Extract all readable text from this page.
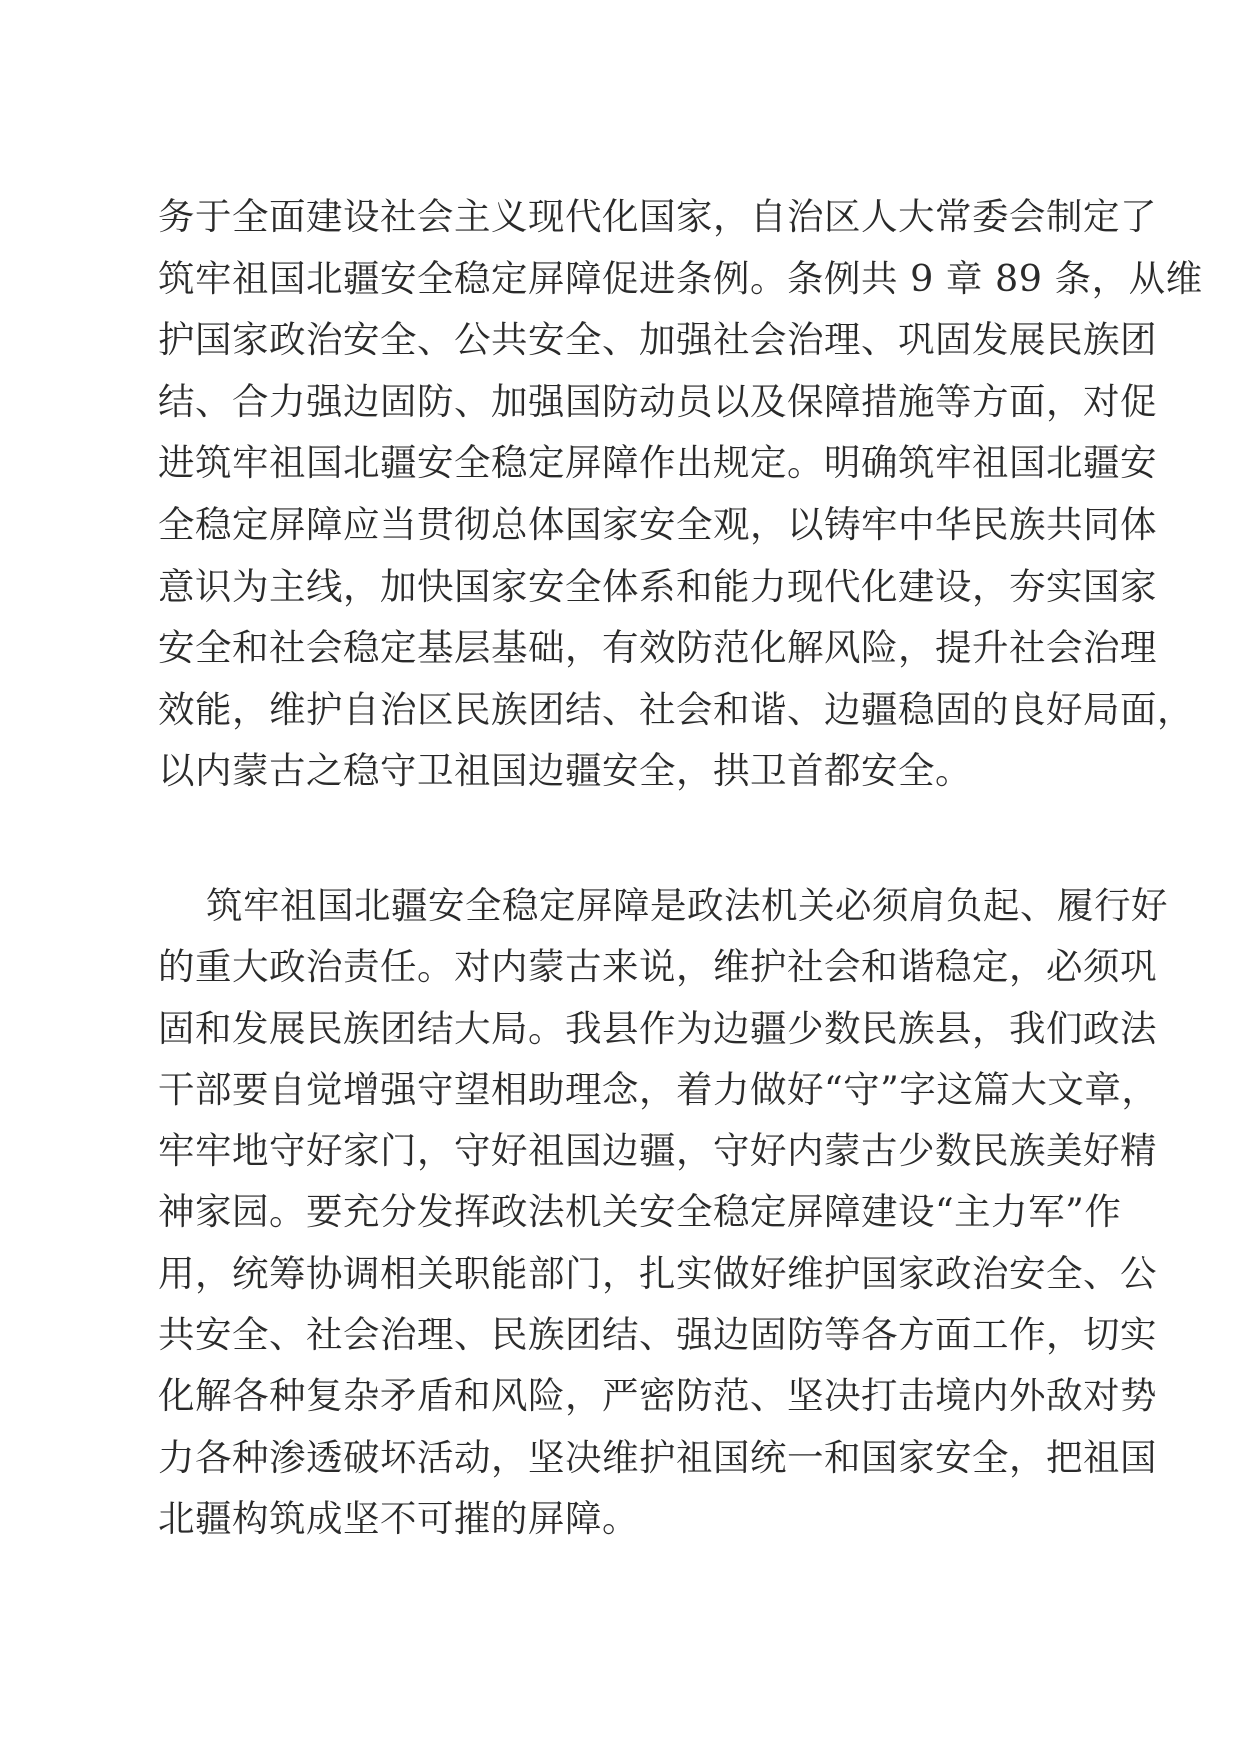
务于全面建设社会主义现代化国家，自治区人大常委会制定了
筑牢祖国北疆安全稳定屏障促进条例。条例共 9 章 89 条，从维
护国家政治安全、公共安全、加强社会治理、巩固发展民族团
结、合力强边固防、加强国防动员以及保障措施等方面，对促
进筑牢祖国北疆安全稳定屏障作出规定。明确筑牢祖国北疆安
全稳定屏障应当贯彻总体国家安全观，以铸牢中华民族共同体
意识为主线，加快国家安全体系和能力现代化建设，夯实国家
安全和社会稳定基层基础，有效防范化解风险，提升社会治理
效能，维护自治区民族团结、社会和谐、边疆稳固的良好局面，
以内蒙古之稳守卫祖国边疆安全，拱卫首都安全。
筑牢祖国北疆安全稳定屏障是政法机关必须肩负起、履行好
的重大政治责任。对内蒙古来说，维护社会和谐稳定，必须巩
固和发展民族团结大局。我县作为边疆少数民族县，我们政法
干部要自觉增强守望相助理念，着力做好“守”字这篇大文章，
牢牢地守好家门，守好祖国边疆，守好内蒙古少数民族美好精
神家园。要充分发挥政法机关安全稳定屏障建设“主力军”作
用，统筹协调相关职能部门，扎实做好维护国家政治安全、公
共安全、社会治理、民族团结、强边固防等各方面工作，切实
化解各种复杂矛盾和风险，严密防范、坚决打击境内外敌对势
力各种渗透破坏活动，坚决维护祖国统一和国家安全，把祖国
北疆构筑成坚不可摧的屏障。
